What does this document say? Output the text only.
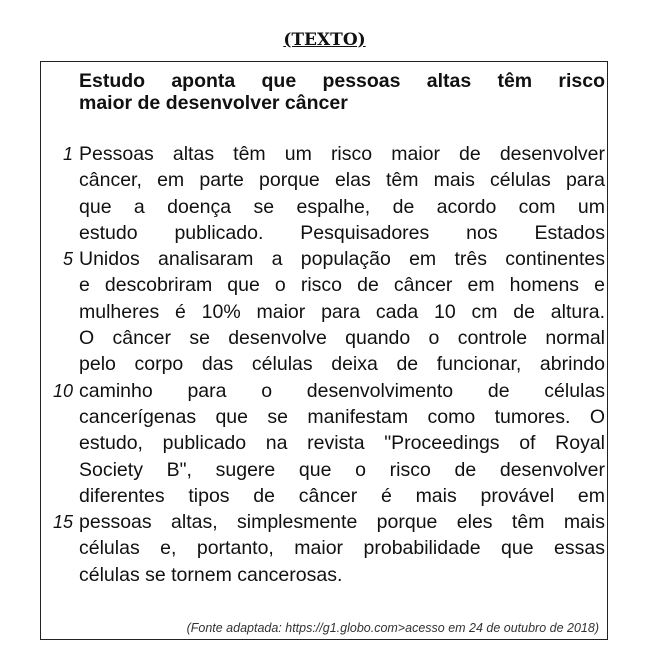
(TEXTO)
Estudo aponta que pessoas altas têm risco
maior de desenvolver câncer
1 Pessoas altas têm um risco maior de desenvolver
câncer, em parte porque elas têm mais células para
que a doença se espalhe, de acordo com um
estudo publicado. Pesquisadores nos Estados
5 Unidos analisaram a população em três continentes
e descobriram que o risco de câncer em homens e
mulheres é 10% maior para cada 10 cm de altura.
O câncer se desenvolve quando o controle normal
pelo corpo das células deixa de funcionar, abrindo
10 caminho para o desenvolvimento de células
cancerígenas que se manifestam como tumores. O
estudo, publicado na revista "Proceedings of Royal
Society B", sugere que o risco de desenvolver
diferentes tipos de câncer é mais provável em
15 pessoas altas, simplesmente porque eles têm mais
células e, portanto, maior probabilidade que essas
células se tornem cancerosas.
(Fonte adaptada: https://g1.globo.com>acesso em 24 de outubro de 2018)
